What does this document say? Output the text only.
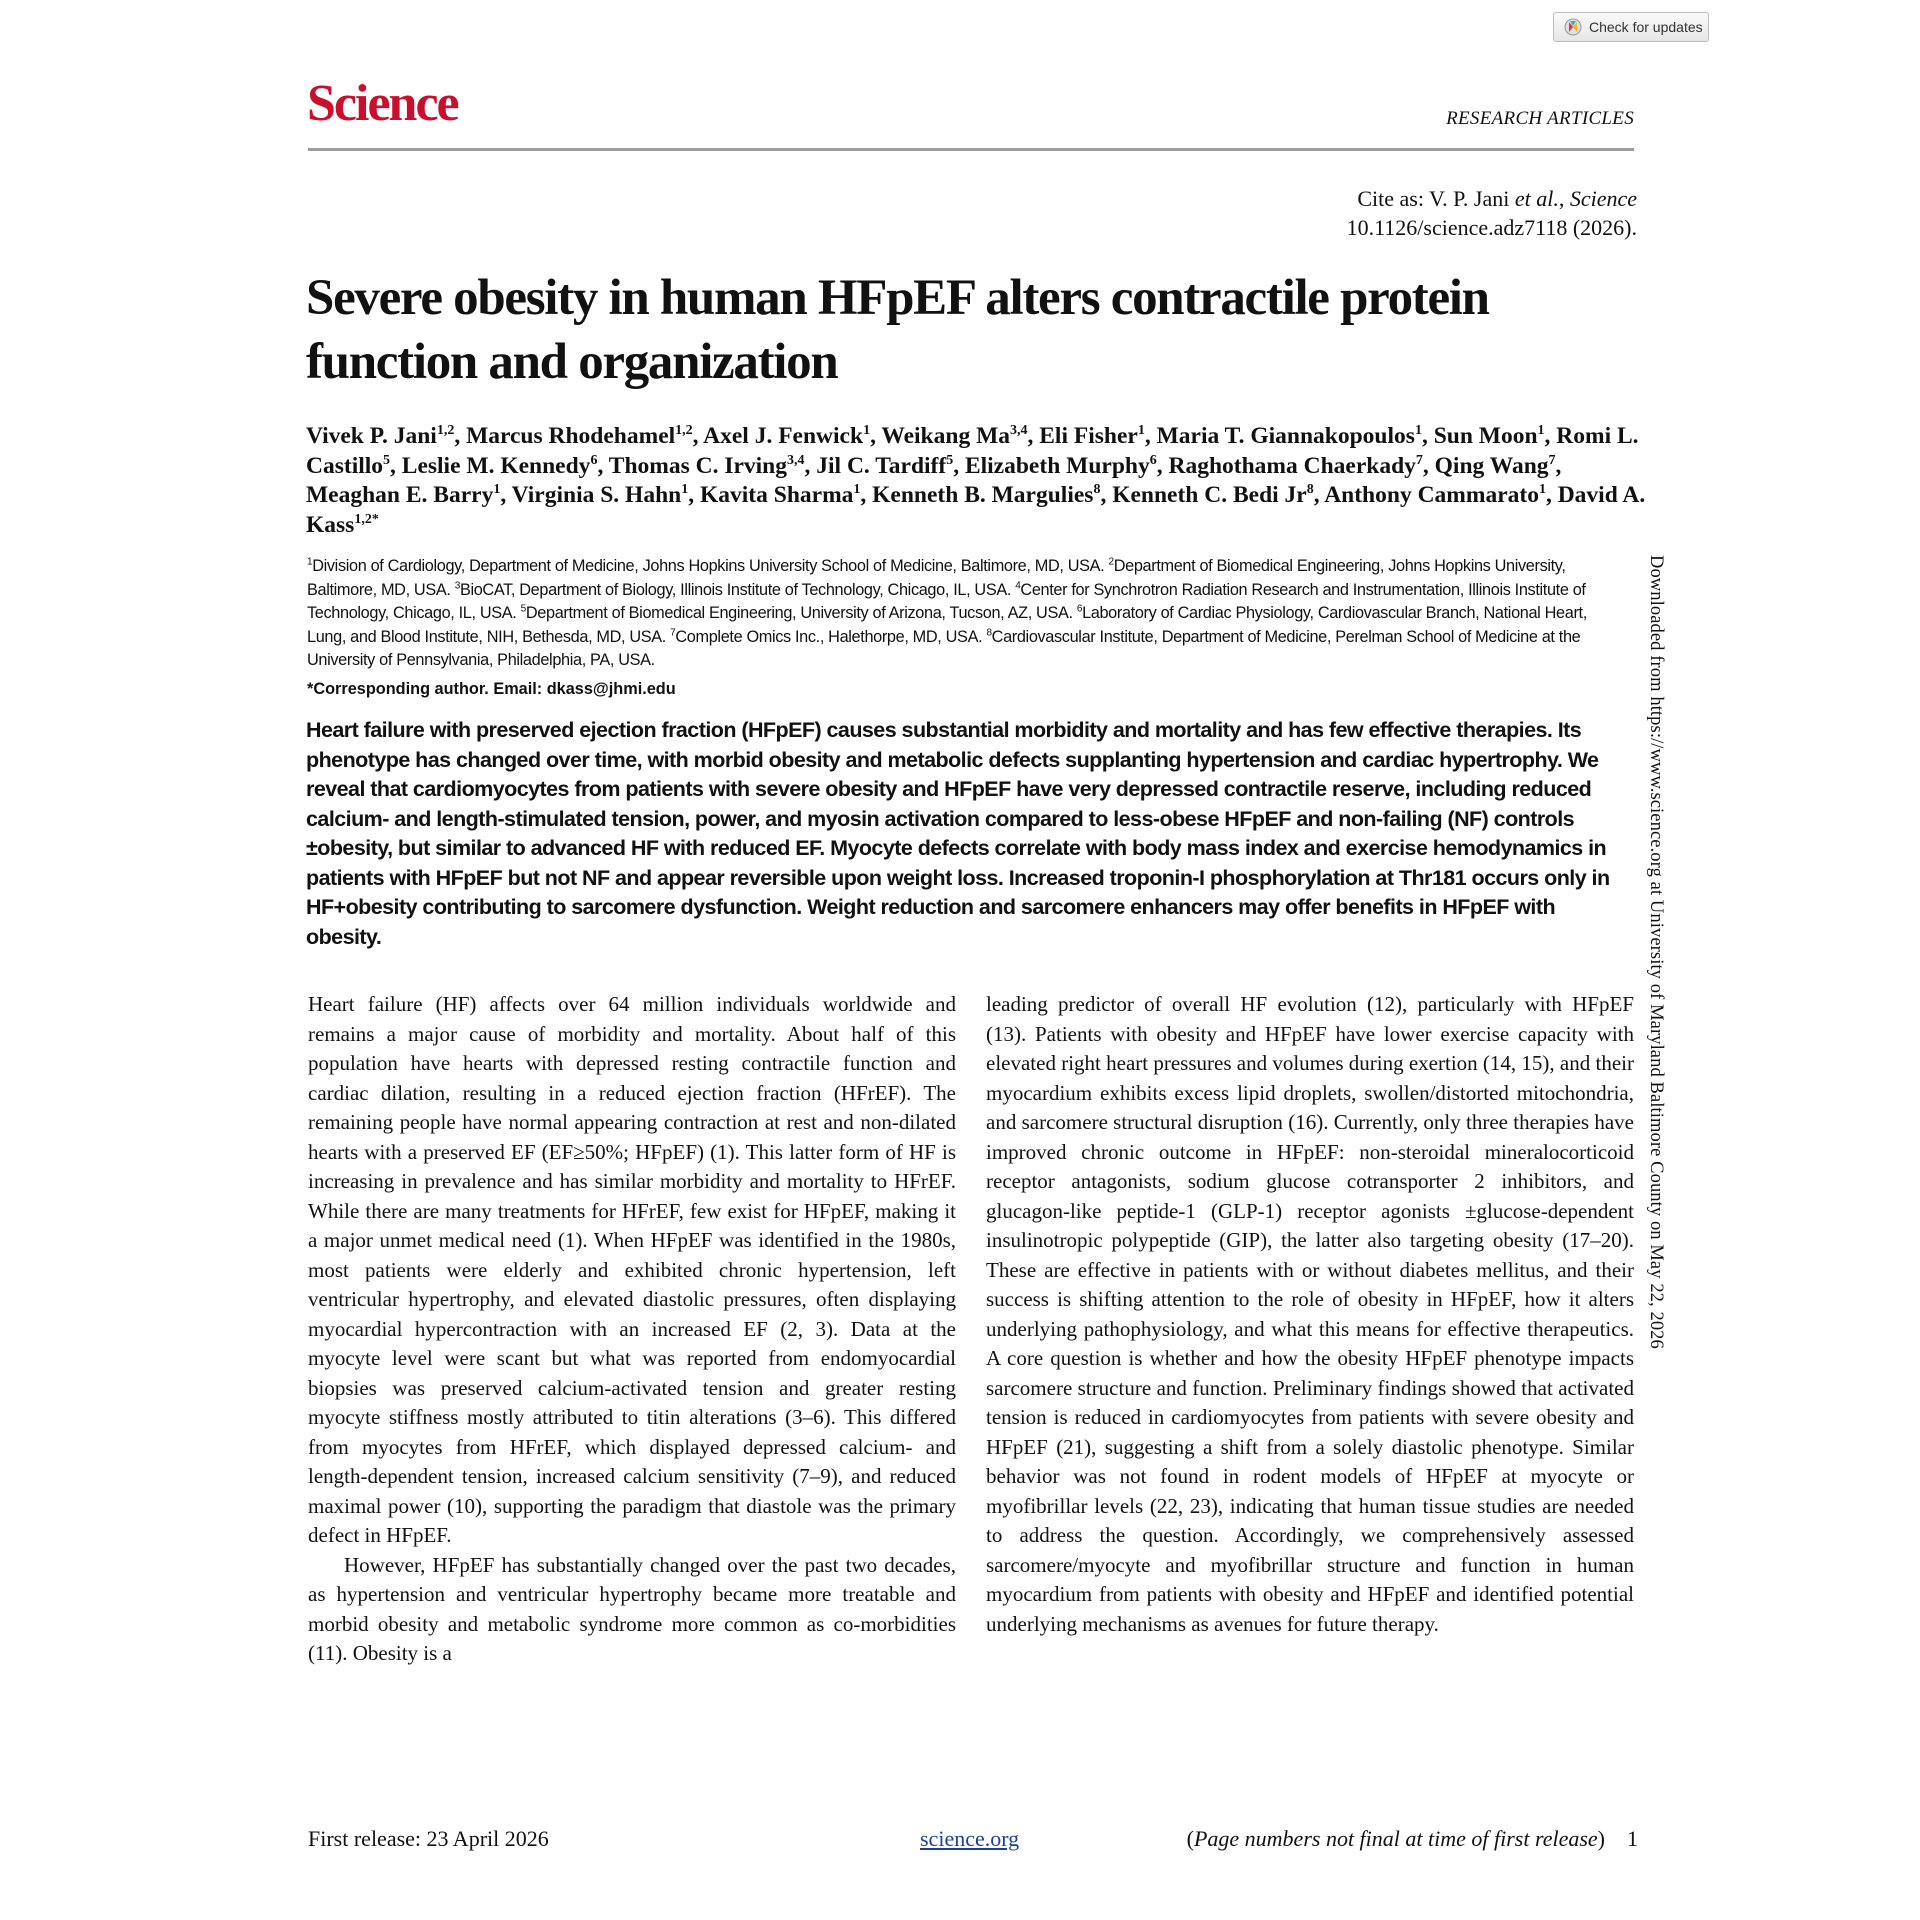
Check for updates
Science	RESEARCH ARTICLES
Cite as: V. P. Jani et al., Science
10.1126/science.adz7118 (2026).
Severe obesity in human HFpEF alters contractile protein function and organization

Vivek P. Jani$^{1,2}$, Marcus Rhodehamel$^{1,2}$, Axel J. Fenwick$^1$, Weikang Ma$^{3,4}$, Eli Fisher$^1$, Maria T. Giannakopoulos$^1$, Sun Moon$^1$, Romi L. Castillo$^5$, Leslie M. Kennedy$^6$, Thomas C. Irving$^{3,4}$, Jil C. Tardiff$^5$, Elizabeth Murphy$^6$, Raghothama Chaerkady$^7$, Qing Wang$^7$, Meaghan E. Barry$^1$, Virginia S. Hahn$^1$, Kavita Sharma$^1$, Kenneth B. Margulies$^8$, Kenneth C. Bedi Jr$^8$, Anthony Cammarato$^1$, David A. Kass$^{1,2*}$

$^1$Division of Cardiology, Department of Medicine, Johns Hopkins University School of Medicine, Baltimore, MD, USA. $^2$Department of Biomedical Engineering, Johns Hopkins University, Baltimore, MD, USA. $^3$BioCAT, Department of Biology, Illinois Institute of Technology, Chicago, IL, USA. $^4$Center for Synchrotron Radiation Research and Instrumentation, Illinois Institute of Technology, Chicago, IL, USA. $^5$Department of Biomedical Engineering, University of Arizona, Tucson, AZ, USA. $^6$Laboratory of Cardiac Physiology, Cardiovascular Branch, National Heart, Lung, and Blood Institute, NIH, Bethesda, MD, USA. $^7$Complete Omics Inc., Halethorpe, MD, USA. $^8$Cardiovascular Institute, Department of Medicine, Perelman School of Medicine at the University of Pennsylvania, Philadelphia, PA, USA.

*Corresponding author. Email: dkass@jhmi.edu

Heart failure with preserved ejection fraction (HFpEF) causes substantial morbidity and mortality and has few effective therapies. Its phenotype has changed over time, with morbid obesity and metabolic defects supplanting hypertension and cardiac hypertrophy. We reveal that cardiomyocytes from patients with severe obesity and HFpEF have very depressed contractile reserve, including reduced calcium- and length-stimulated tension, power, and myosin activation compared to less-obese HFpEF and non-failing (NF) controls ±obesity, but similar to advanced HF with reduced EF. Myocyte defects correlate with body mass index and exercise hemodynamics in patients with HFpEF but not NF and appear reversible upon weight loss. Increased troponin-I phosphorylation at Thr181 occurs only in HF+obesity contributing to sarcomere dysfunction. Weight reduction and sarcomere enhancers may offer benefits in HFpEF with obesity.

Heart failure (HF) affects over 64 million individuals worldwide and remains a major cause of morbidity and mortality. About half of this population have hearts with depressed resting contractile function and cardiac dilation, resulting in a reduced ejection fraction (HFrEF). The remaining people have normal appearing contraction at rest and non-dilated hearts with a preserved EF (EF≥50%; HFpEF) (1). This latter form of HF is increasing in prevalence and has similar morbidity and mortality to HFrEF. While there are many treatments for HFrEF, few exist for HFpEF, making it a major unmet medical need (1). When HFpEF was identified in the 1980s, most patients were elderly and exhibited chronic hypertension, left ventricular hypertrophy, and elevated diastolic pressures, often displaying myocardial hypercontraction with an increased EF (2, 3). Data at the myocyte level were scant but what was reported from endomyocardial biopsies was preserved calcium-activated tension and greater resting myocyte stiffness mostly attributed to titin alterations (3–6). This differed from myocytes from HFrEF, which displayed depressed calcium- and length-dependent tension, increased calcium sensitivity (7–9), and reduced maximal power (10), supporting the paradigm that diastole was the primary defect in HFpEF.

However, HFpEF has substantially changed over the past two decades, as hypertension and ventricular hypertrophy became more treatable and morbid obesity and metabolic syndrome more common as co-morbidities (11). Obesity is a

leading predictor of overall HF evolution (12), particularly with HFpEF (13). Patients with obesity and HFpEF have lower exercise capacity with elevated right heart pressures and volumes during exertion (14, 15), and their myocardium exhibits excess lipid droplets, swollen/distorted mitochondria, and sarcomere structural disruption (16). Currently, only three therapies have improved chronic outcome in HFpEF: non-steroidal mineralocorticoid receptor antagonists, sodium glucose cotransporter 2 inhibitors, and glucagon-like peptide-1 (GLP-1) receptor agonists ±glucose-dependent insulinotropic polypeptide (GIP), the latter also targeting obesity (17–20). These are effective in patients with or without diabetes mellitus, and their success is shifting attention to the role of obesity in HFpEF, how it alters underlying pathophysiology, and what this means for effective therapeutics. A core question is whether and how the obesity HFpEF phenotype impacts sarcomere structure and function. Preliminary findings showed that activated tension is reduced in cardiomyocytes from patients with severe obesity and HFpEF (21), suggesting a shift from a solely diastolic phenotype. Similar behavior was not found in rodent models of HFpEF at myocyte or myofibrillar levels (22, 23), indicating that human tissue studies are needed to address the question. Accordingly, we comprehensively assessed sarcomere/myocyte and myofibrillar structure and function in human myocardium from patients with obesity and HFpEF and identified potential underlying mechanisms as avenues for future therapy.

Downloaded from https://www.science.org at University of Maryland Baltimore County on May 22, 2026
First release: 23 April 2026	science.org	(Page numbers not final at time of first release) 1
